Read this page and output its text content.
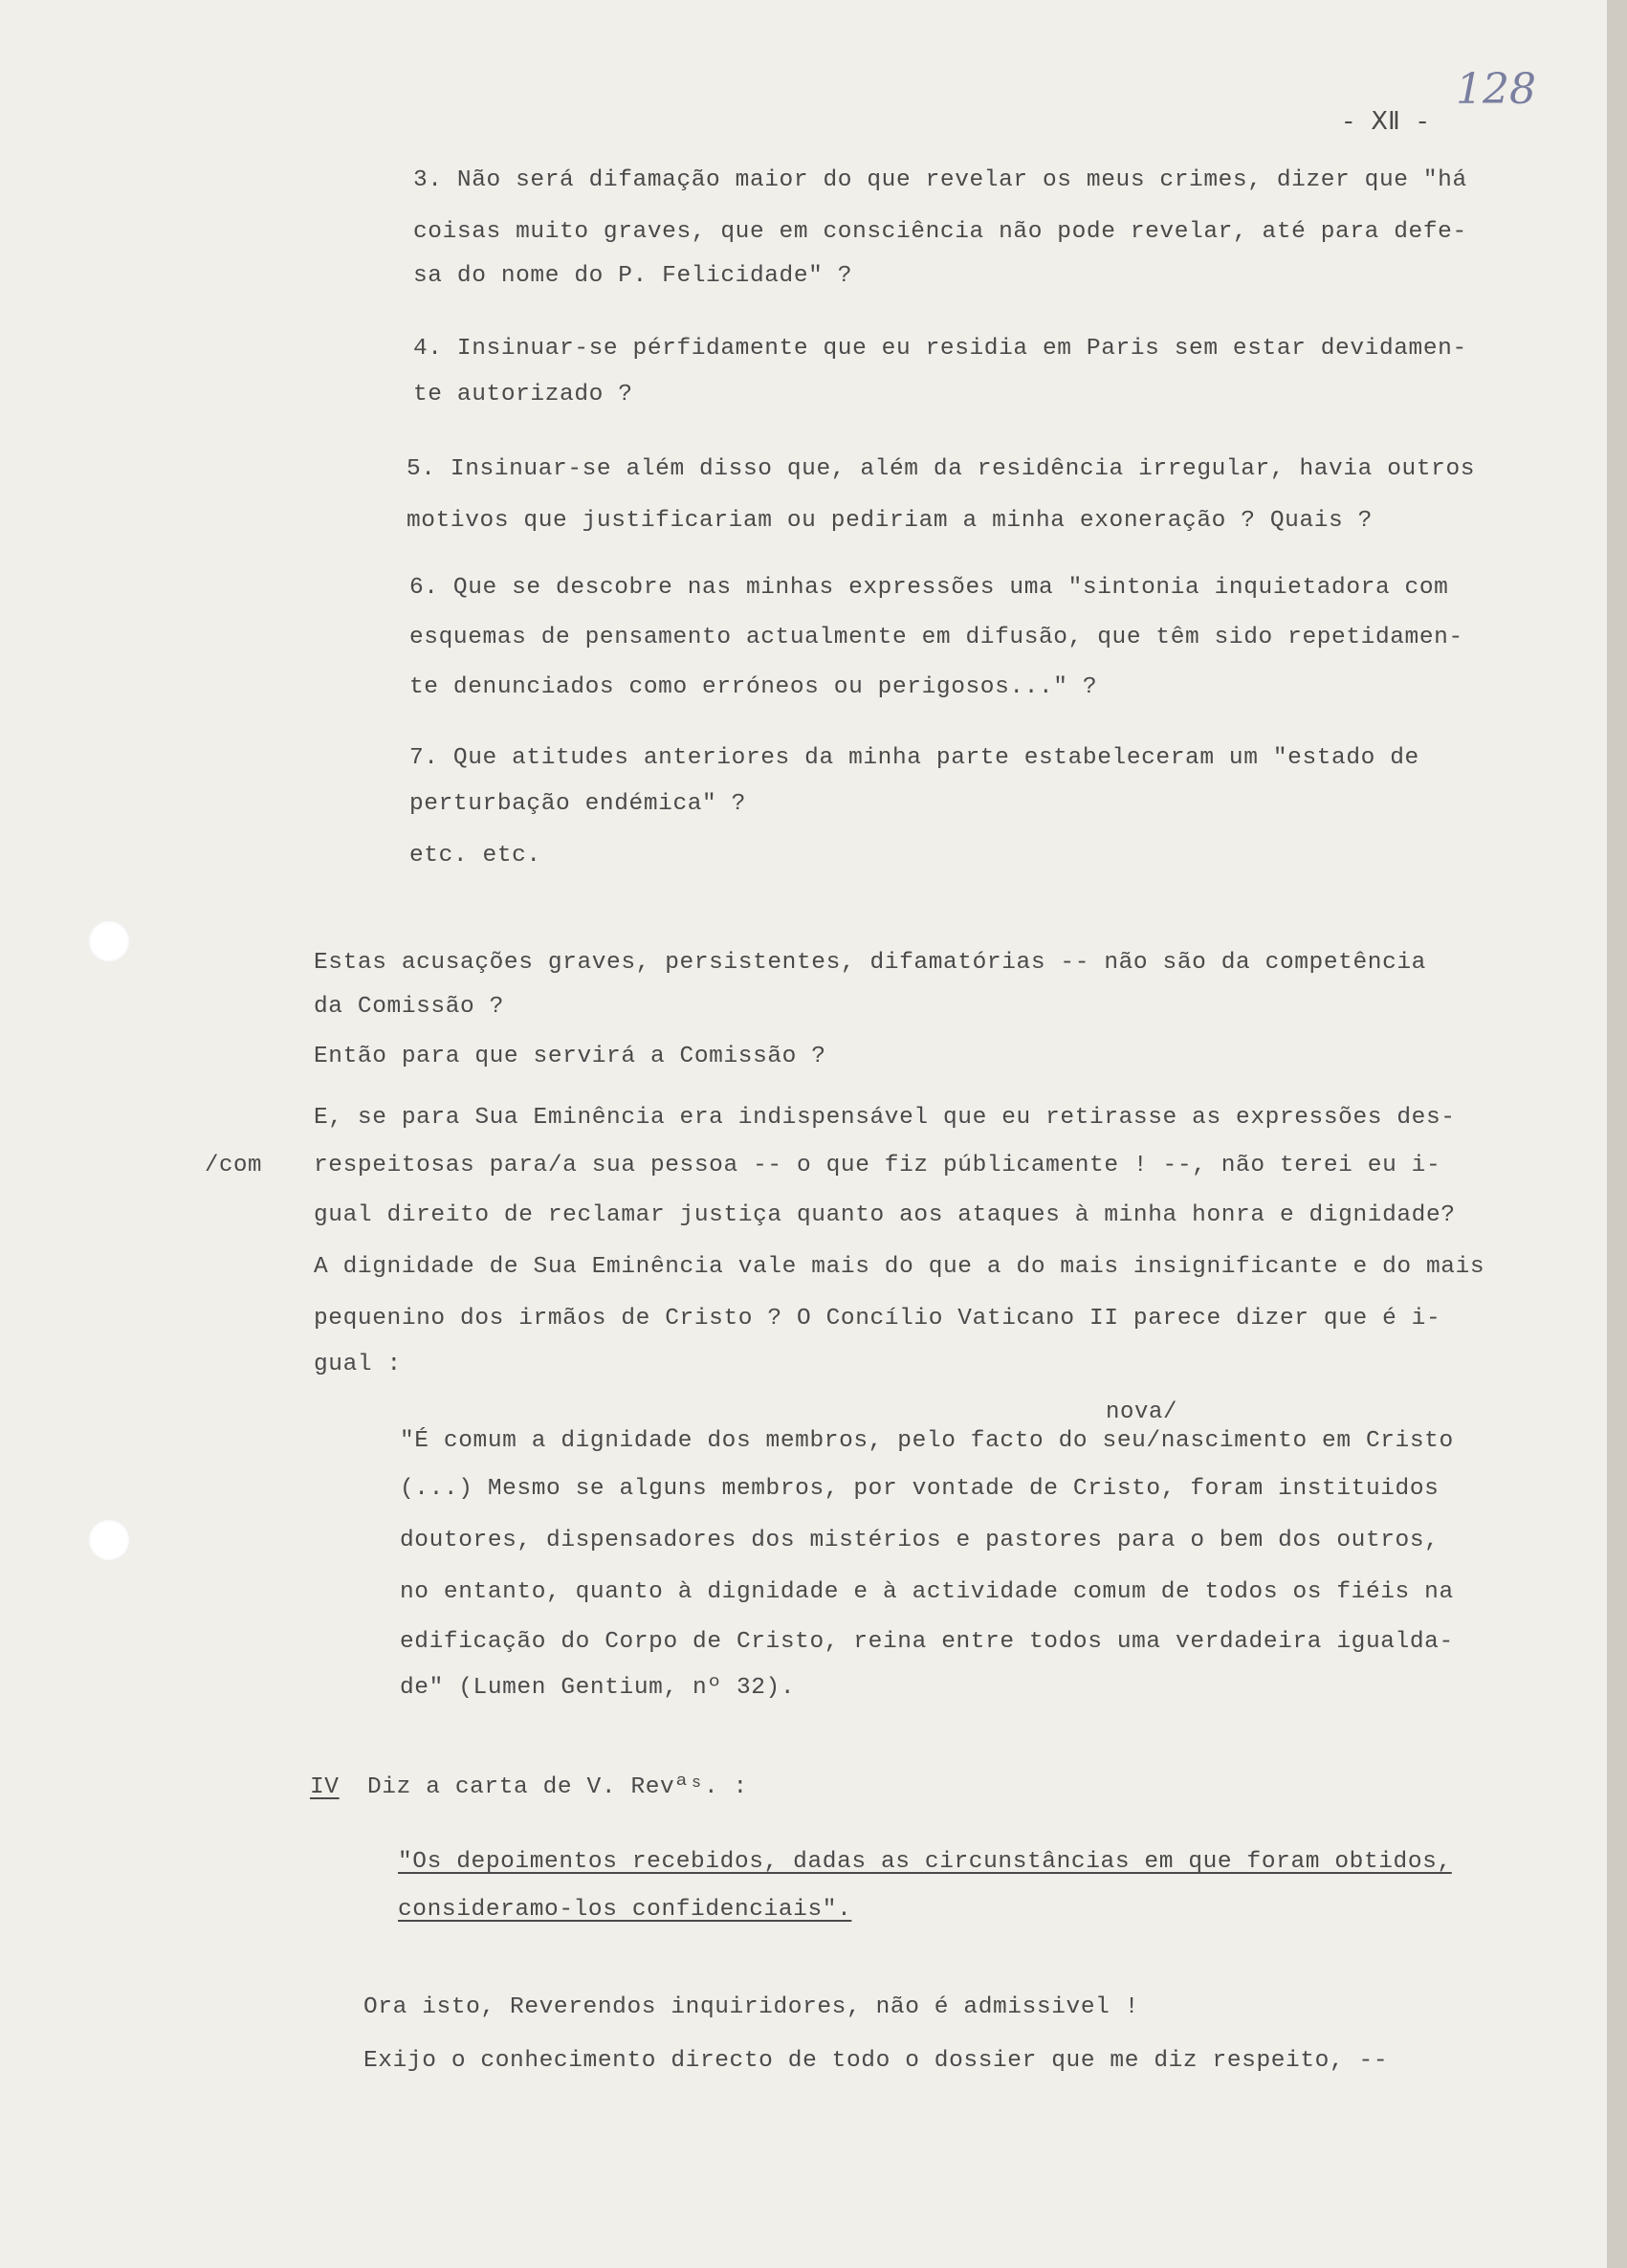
- ⅩⅡ -
128
3. Não será difamação maior do que revelar os meus crimes, dizer que "há
coisas muito graves, que em consciência não pode revelar, até para defe-
sa do nome do P. Felicidade" ?
4. Insinuar-se pérfidamente que eu residia em Paris sem estar devidamen-
te autorizado ?
5. Insinuar-se além disso que, além da residência irregular, havia outros
motivos que justificariam ou pediriam a minha exoneração ? Quais ?
6. Que se descobre nas minhas expressões uma "sintonia inquietadora com
esquemas de pensamento actualmente em difusão, que têm sido repetidamen-
te denunciados como erróneos ou perigosos..." ?
7. Que atitudes anteriores da minha parte estabeleceram um "estado de
perturbação endémica" ?
etc. etc.
Estas acusações graves, persistentes, difamatórias -- não são da competência
da Comissão ?
Então para que servirá a Comissão ?
E, se para Sua Eminência era indispensável que eu retirasse as expressões des-
/com respeitosas para/a sua pessoa -- o que fiz públicamente ! --, não terei eu i-
gual direito de reclamar justiça quanto aos ataques à minha honra e dignidade?
A dignidade de Sua Eminência vale mais do que a do mais insignificante e do mais
pequenino dos irmãos de Cristo ? O Concílio Vaticano II parece dizer que é i-
gual :
nova/
"É comum a dignidade dos membros, pelo facto do seu/nascimento em Cristo
(...) Mesmo se alguns membros, por vontade de Cristo, foram instituidos
doutores, dispensadores dos mistérios e pastores para o bem dos outros,
no entanto, quanto à dignidade e à actividade comum de todos os fiéis na
edificação do Corpo de Cristo, reina entre todos uma verdadeira igualda-
de" (Lumen Gentium, nº 32).
IV Diz a carta de V. Revªˢ. :
"Os depoimentos recebidos, dadas as circunstâncias em que foram obtidos,
consideramo-los confidenciais".
Ora isto, Reverendos inquiridores, não é admissivel !
Exijo o conhecimento directo de todo o dossier que me diz respeito, --
